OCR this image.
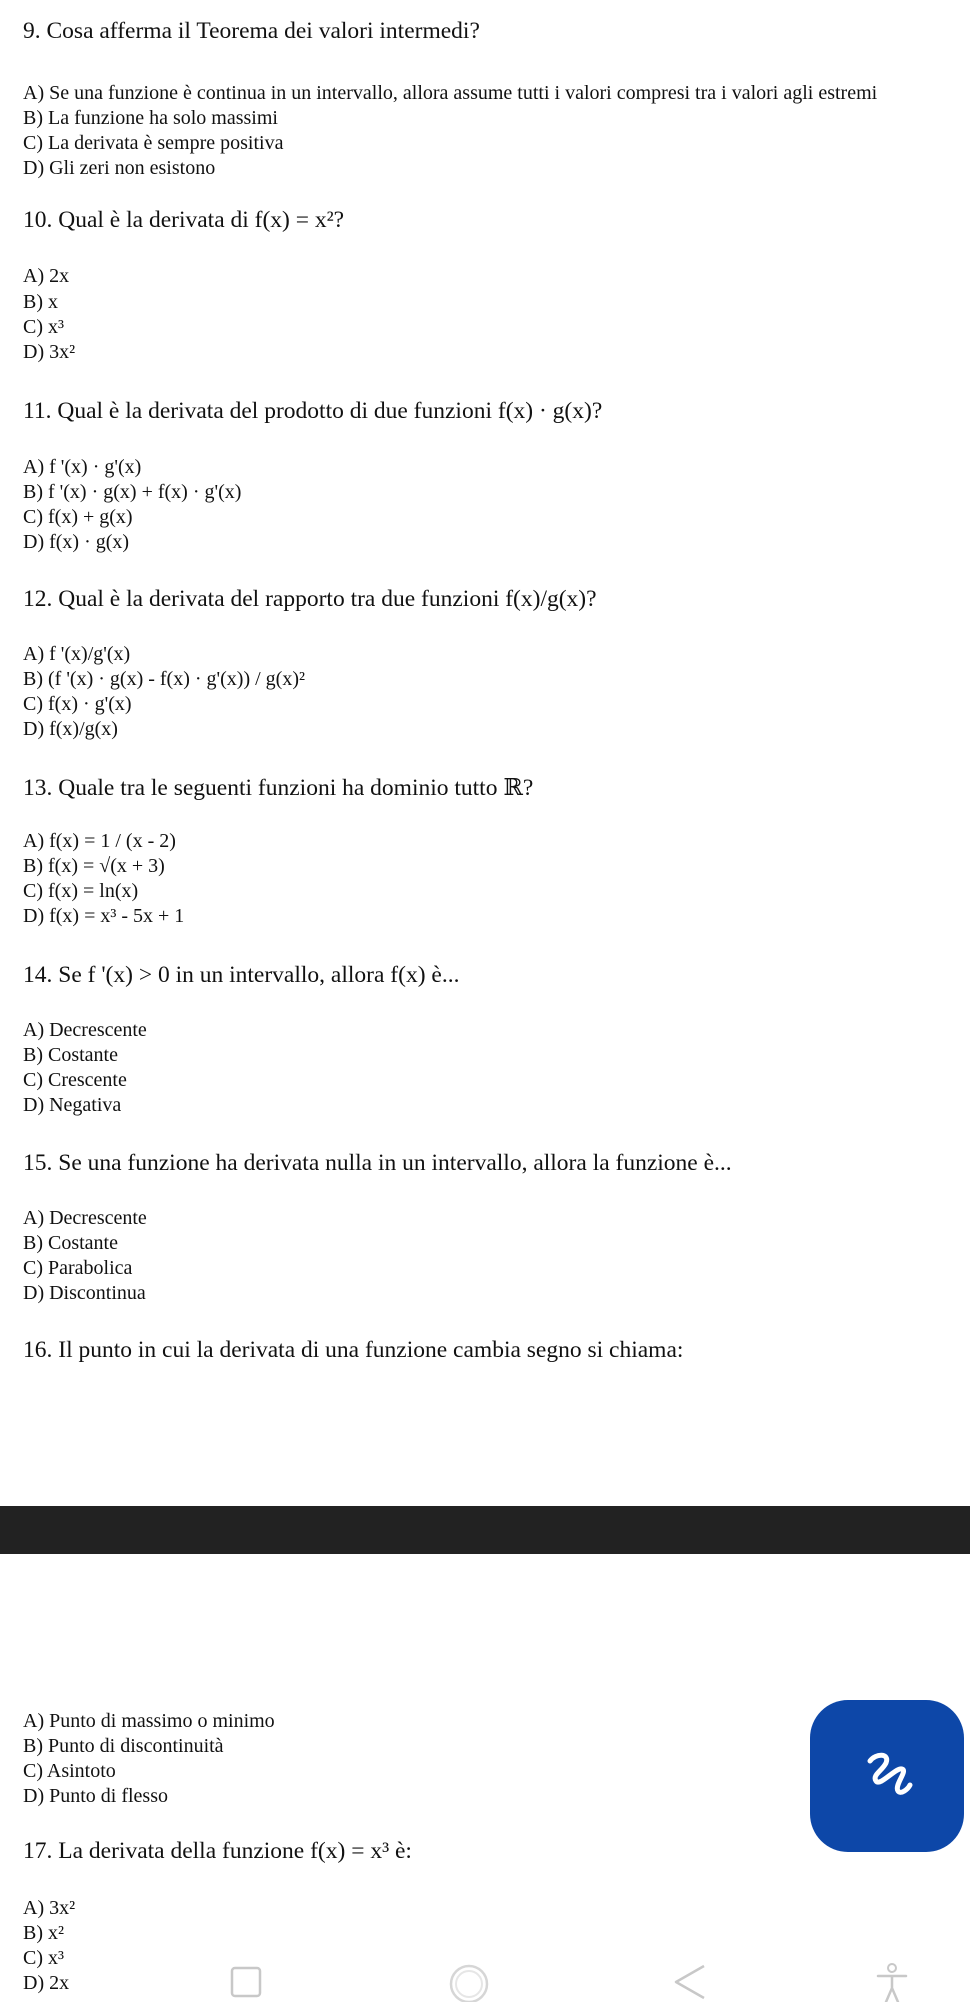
9. Cosa afferma il Teorema dei valori intermedi?
A) Se una funzione è continua in un intervallo, allora assume tutti i valori compresi tra i valori agli estremi
B) La funzione ha solo massimi
C) La derivata è sempre positiva
D) Gli zeri non esistono
10. Qual è la derivata di f(x) = x²?
A) 2x
B) x
C) x³
D) 3x²
11. Qual è la derivata del prodotto di due funzioni f(x) · g(x)?
A) f '(x) · g'(x)
B) f '(x) · g(x) + f(x) · g'(x)
C) f(x) + g(x)
D) f(x) · g(x)
12. Qual è la derivata del rapporto tra due funzioni f(x)/g(x)?
A) f '(x)/g'(x)
B) (f '(x) · g(x) - f(x) · g'(x)) / g(x)²
C) f(x) · g'(x)
D) f(x)/g(x)
13. Quale tra le seguenti funzioni ha dominio tutto ℝ?
A) f(x) = 1 / (x - 2)
B) f(x) = √(x + 3)
C) f(x) = ln(x)
D) f(x) = x³ - 5x + 1
14. Se f '(x) > 0 in un intervallo, allora f(x) è...
A) Decrescente
B) Costante
C) Crescente
D) Negativa
15. Se una funzione ha derivata nulla in un intervallo, allora la funzione è...
A) Decrescente
B) Costante
C) Parabolica
D) Discontinua
16. Il punto in cui la derivata di una funzione cambia segno si chiama:
A) Punto di massimo o minimo
B) Punto di discontinuità
C) Asintoto
D) Punto di flesso
17. La derivata della funzione f(x) = x³ è:
A) 3x²
B) x²
C) x³
D) 2x
